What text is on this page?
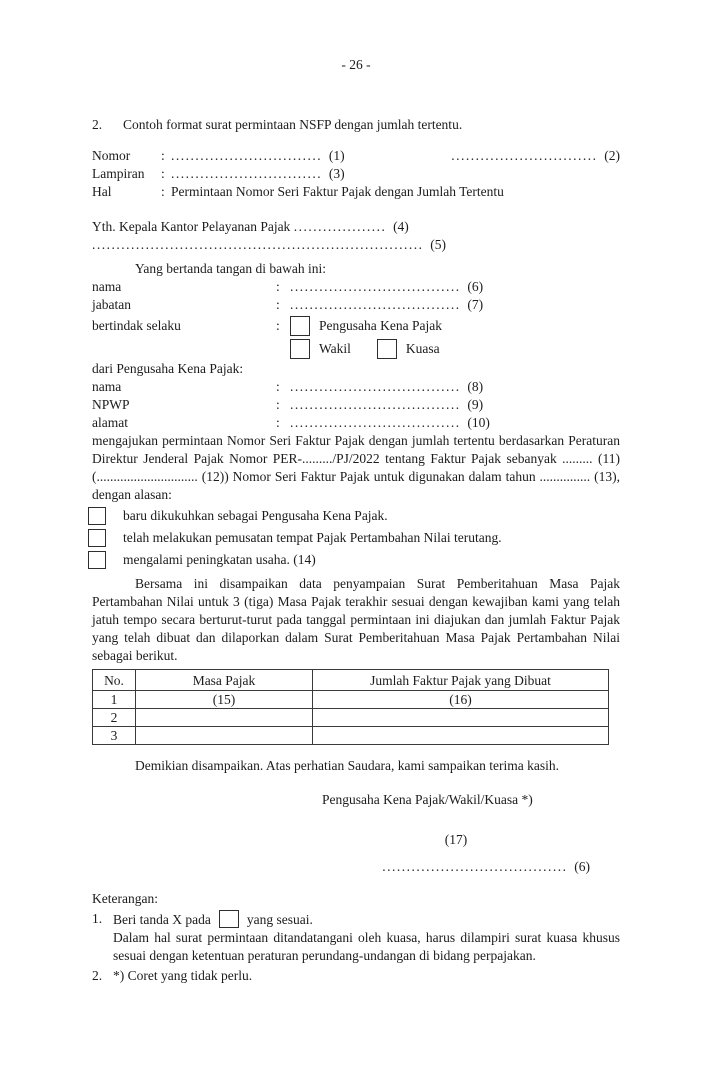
- 26 -
2.	Contoh format surat permintaan NSFP dengan jumlah tertentu.
Nomor	: ............................... (1)	.............................. (2)
Lampiran	: ............................... (3)
Hal	: Permintaan Nomor Seri Faktur Pajak dengan Jumlah Tertentu
Yth. Kepala Kantor Pelayanan Pajak ................... (4)
.................................................................... (5)
Yang bertanda tangan di bawah ini:
nama	: ................................... (6)
jabatan	: ................................... (7)
bertindak selaku	:	Pengusaha Kena Pajak
Wakil	Kuasa
dari Pengusaha Kena Pajak:
nama	: ................................... (8)
NPWP	: ................................... (9)
alamat	: ................................... (10)
mengajukan permintaan Nomor Seri Faktur Pajak dengan jumlah tertentu berdasarkan Peraturan Direktur Jenderal Pajak Nomor PER-........./PJ/2022 tentang Faktur Pajak sebanyak ......... (11) (.............................. (12)) Nomor Seri Faktur Pajak untuk digunakan dalam tahun ............... (13), dengan alasan:
baru dikukuhkan sebagai Pengusaha Kena Pajak.
telah melakukan pemusatan tempat Pajak Pertambahan Nilai terutang.
mengalami peningkatan usaha. (14)
Bersama ini disampaikan data penyampaian Surat Pemberitahuan Masa Pajak Pertambahan Nilai untuk 3 (tiga) Masa Pajak terakhir sesuai dengan kewajiban kami yang telah jatuh tempo secara berturut-turut pada tanggal permintaan ini diajukan dan jumlah Faktur Pajak yang telah dibuat dan dilaporkan dalam Surat Pemberitahuan Masa Pajak Pertambahan Nilai sebagai berikut.
No.	Masa Pajak	Jumlah Faktur Pajak yang Dibuat
1	(15)	(16)
2		
3		
Demikian disampaikan. Atas perhatian Saudara, kami sampaikan terima kasih.
Pengusaha Kena Pajak/Wakil/Kuasa *)
(17)
...................................... (6)
Keterangan:
1. Beri tanda X pada	yang sesuai.
Dalam hal surat permintaan ditandatangani oleh kuasa, harus dilampiri surat kuasa khusus sesuai dengan ketentuan peraturan perundang-undangan di bidang perpajakan.
2. *) Coret yang tidak perlu.
